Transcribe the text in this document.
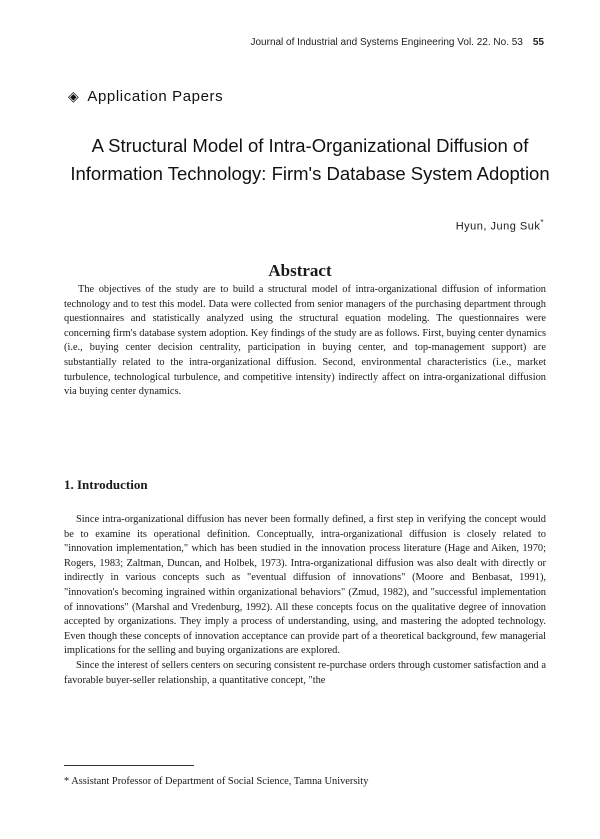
Journal of Industrial and Systems Engineering Vol. 22. No. 53 55
◈ Application Papers
A Structural Model of Intra-Organizational Diffusion of
Information Technology: Firm's Database System Adoption
Hyun, Jung Suk*
Abstract
The objectives of the study are to build a structural model of intra-organizational diffusion of information technology and to test this model. Data were collected from senior managers of the purchasing department through questionnaires and statistically analyzed using the structural equation modeling. The questionnaires were concerning firm's database system adoption. Key findings of the study are as follows. First, buying center dynamics (i.e., buying center decision centrality, participation in buying center, and top-management support) are substantially related to the intra-organizational diffusion. Second, environmental characteristics (i.e., market turbulence, technological turbulence, and competitive intensity) indirectly affect on intra-organizational diffusion via buying center dynamics.
1. Introduction

Since intra-organizational diffusion has never been formally defined, a first step in verifying the concept would be to examine its operational definition. Conceptually, intra-organizational diffusion is closely related to "innovation implementation," which has been studied in the innovation process literature (Hage and Aiken, 1970; Rogers, 1983; Zaltman, Duncan, and Holbek, 1973). Intra-organizational diffusion was also dealt with directly or indirectly in various concepts such as "eventual diffusion of innovations" (Moore and Benbasat, 1991), "innovation's becoming ingrained within organizational behaviors" (Zmud, 1982), and "successful implementation of innovations" (Marshal and Vredenburg, 1992). All these concepts focus on the qualitative degree of innovation accepted by organizations. They imply a process of understanding, using, and mastering the adopted technology. Even though these concepts of innovation acceptance can provide part of a theoretical background, few managerial implications for the selling and buying organizations are explored.

Since the interest of sellers centers on securing consistent re-purchase orders through customer satisfaction and a favorable buyer-seller relationship, a quantitative concept, "the

* Assistant Professor of Department of Social Science, Tamna University
